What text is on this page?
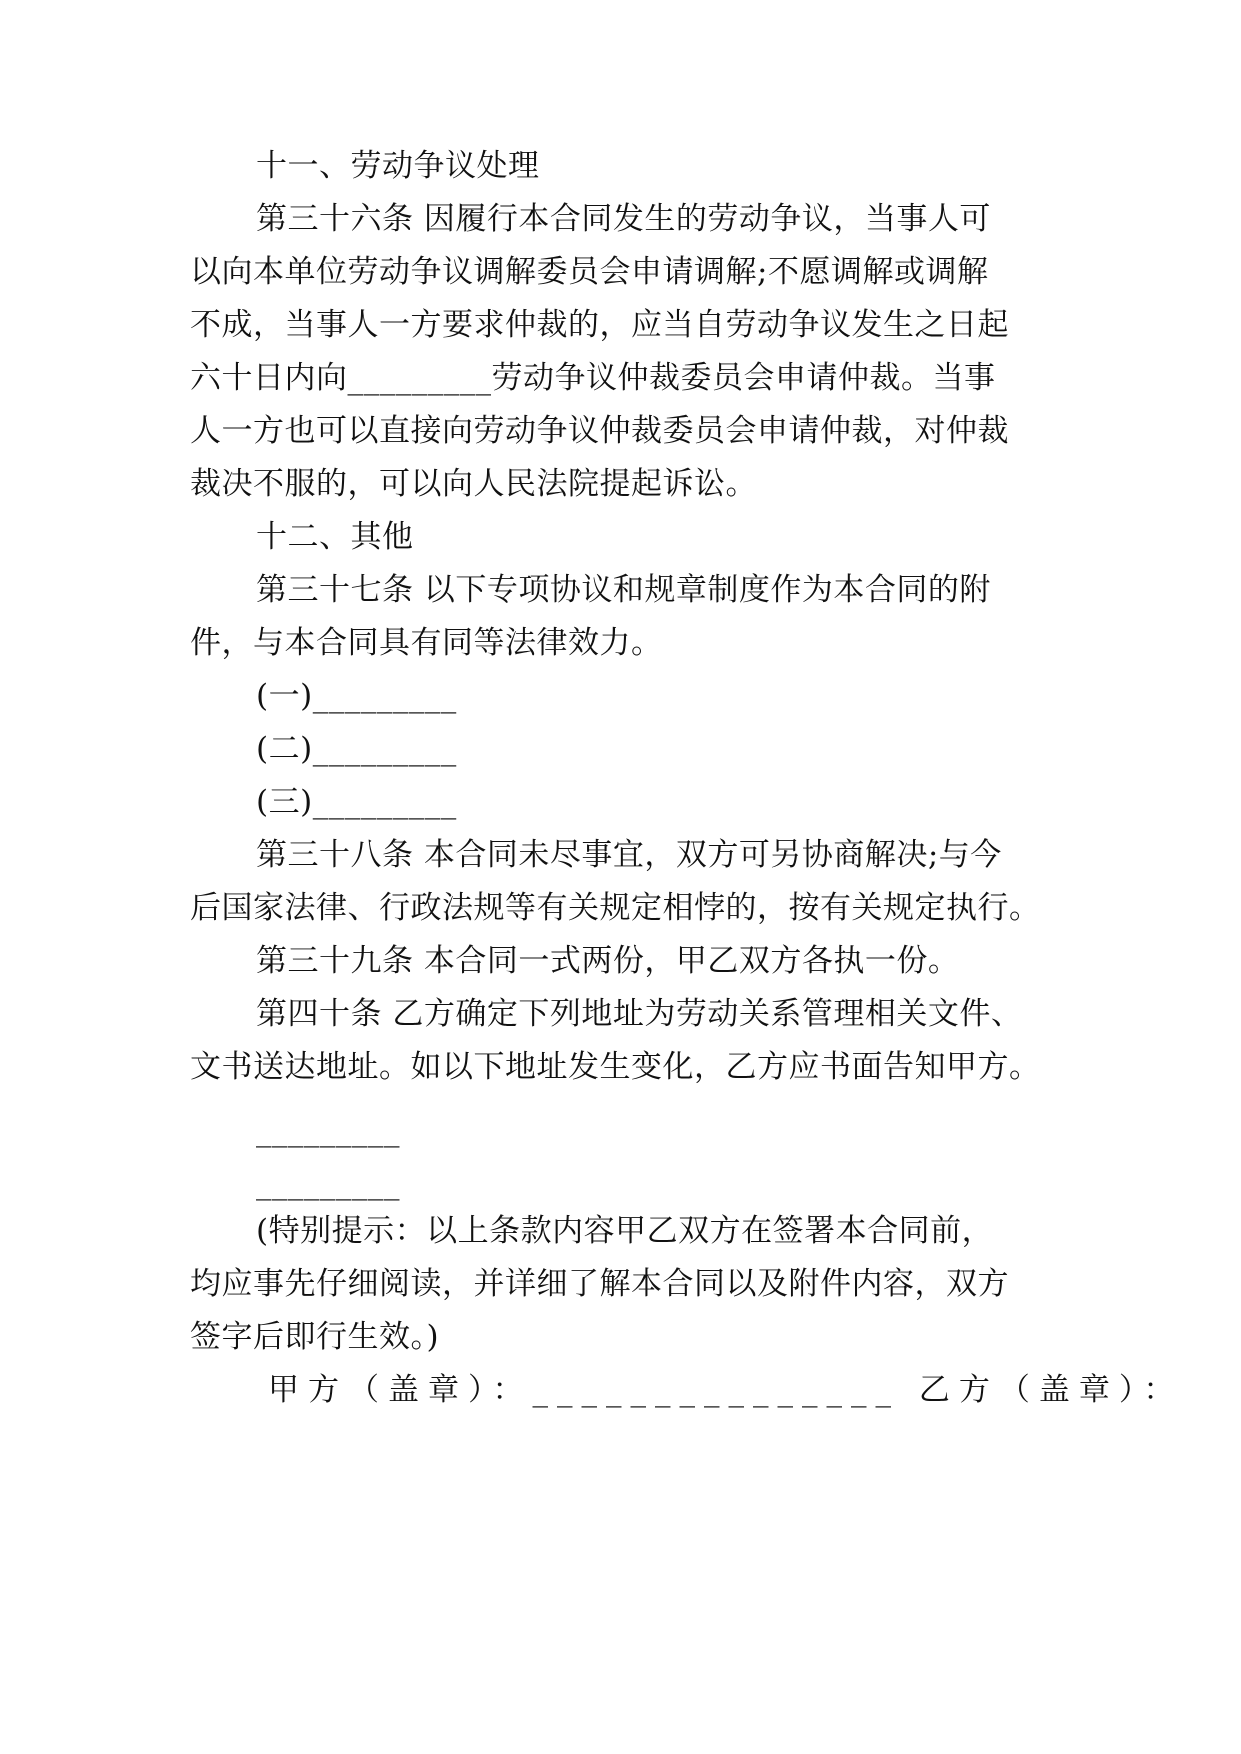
十一、劳动争议处理
第三十六条 因履行本合同发生的劳动争议，当事人可
以向本单位劳动争议调解委员会申请调解;不愿调解或调解
不成，当事人一方要求仲裁的，应当自劳动争议发生之日起
六十日内向_________劳动争议仲裁委员会申请仲裁。当事
人一方也可以直接向劳动争议仲裁委员会申请仲裁，对仲裁
裁决不服的，可以向人民法院提起诉讼。
十二、其他
第三十七条 以下专项协议和规章制度作为本合同的附
件，与本合同具有同等法律效力。
(一)_________
(二)_________
(三)_________
第三十八条 本合同未尽事宜，双方可另协商解决;与今
后国家法律、行政法规等有关规定相悖的，按有关规定执行。
第三十九条 本合同一式两份，甲乙双方各执一份。
第四十条 乙方确定下列地址为劳动关系管理相关文件、
文书送达地址。如以下地址发生变化，乙方应书面告知甲方。
_________
_________
(特别提示：以上条款内容甲乙双方在签署本合同前，
均应事先仔细阅读，并详细了解本合同以及附件内容，双方
签字后即行生效。)
甲方（盖章）：_______________ 乙方（盖章）：
